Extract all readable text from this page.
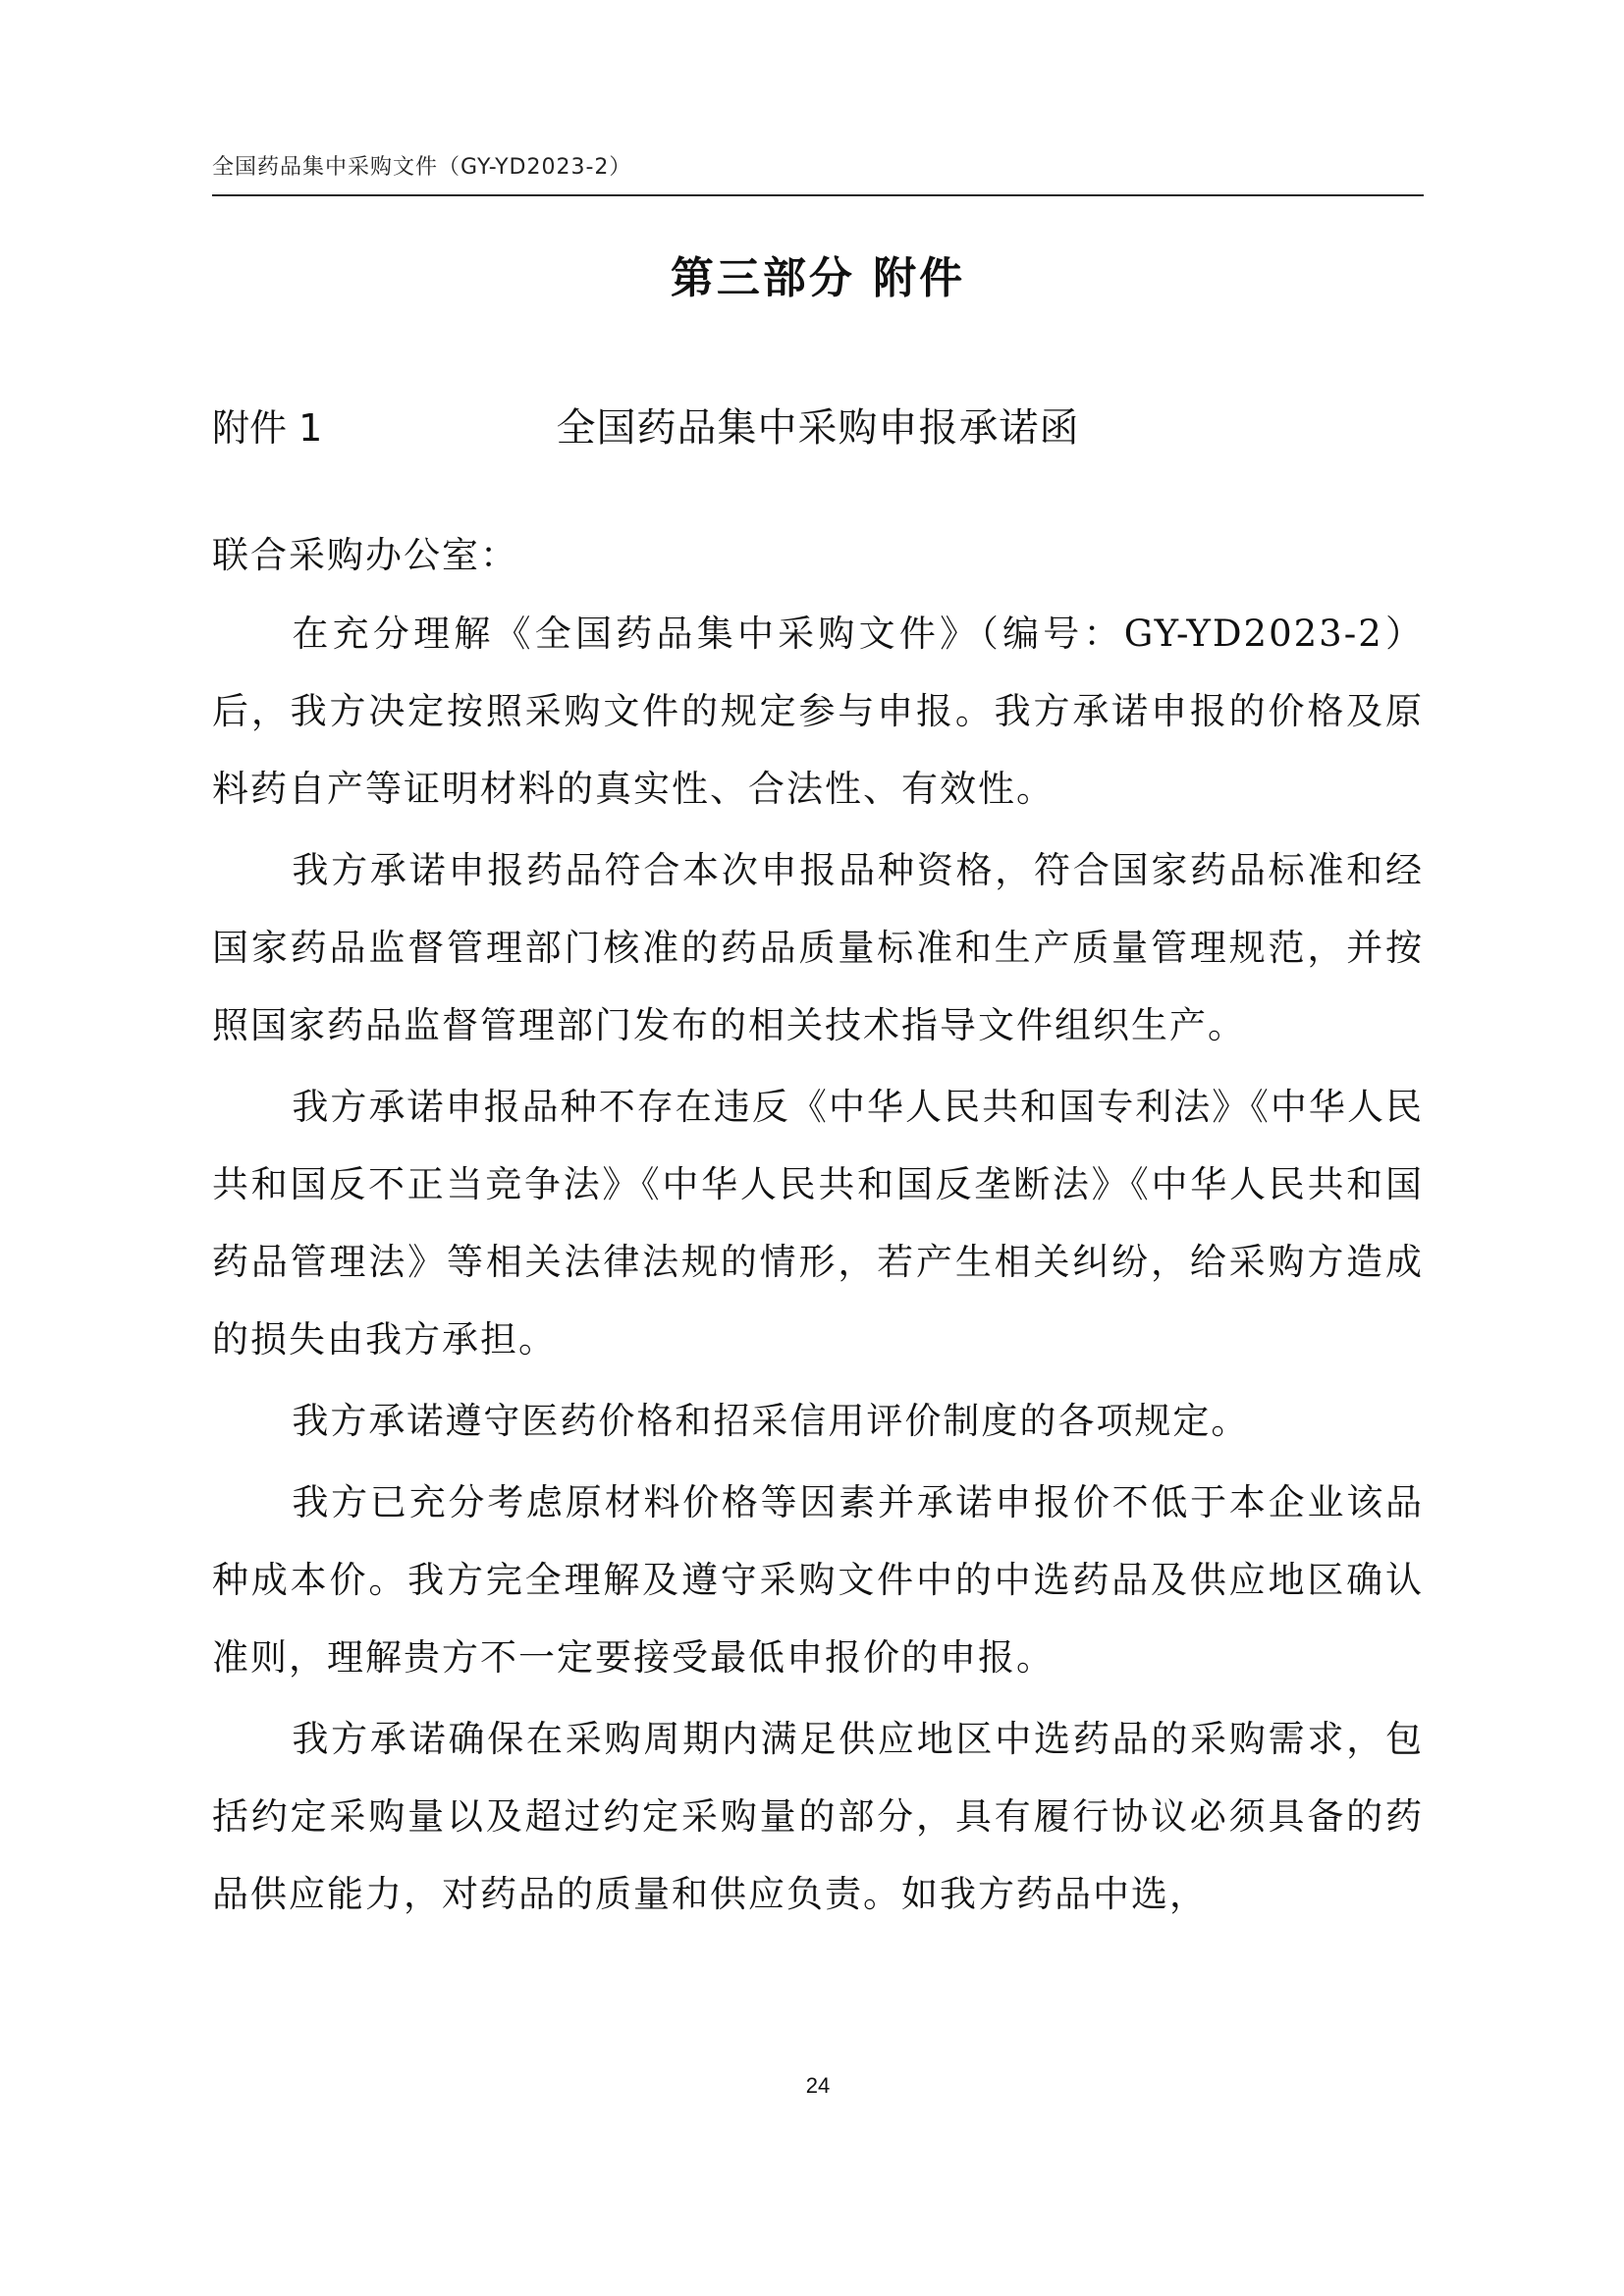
全国药品集中采购文件（GY-YD2023-2）
第三部分 附件
全国药品集中采购申报承诺函
附件 1
联合采购办公室：

在充分理解《全国药品集中采购文件》（编号：GY-YD2023-2）后，我方决定按照采购文件的规定参与申报。我方承诺申报的价格及原料药自产等证明材料的真实性、合法性、有效性。

我方承诺申报药品符合本次申报品种资格，符合国家药品标准和经国家药品监督管理部门核准的药品质量标准和生产质量管理规范，并按照国家药品监督管理部门发布的相关技术指导文件组织生产。

我方承诺申报品种不存在违反《中华人民共和国专利法》《中华人民共和国反不正当竞争法》《中华人民共和国反垄断法》《中华人民共和国药品管理法》等相关法律法规的情形，若产生相关纠纷，给采购方造成的损失由我方承担。

我方承诺遵守医药价格和招采信用评价制度的各项规定。

我方已充分考虑原材料价格等因素并承诺申报价不低于本企业该品种成本价。我方完全理解及遵守采购文件中的中选药品及供应地区确认准则，理解贵方不一定要接受最低申报价的申报。

我方承诺确保在采购周期内满足供应地区中选药品的采购需求，包括约定采购量以及超过约定采购量的部分，具有履行协议必须具备的药品供应能力，对药品的质量和供应负责。如我方药品中选，

24
